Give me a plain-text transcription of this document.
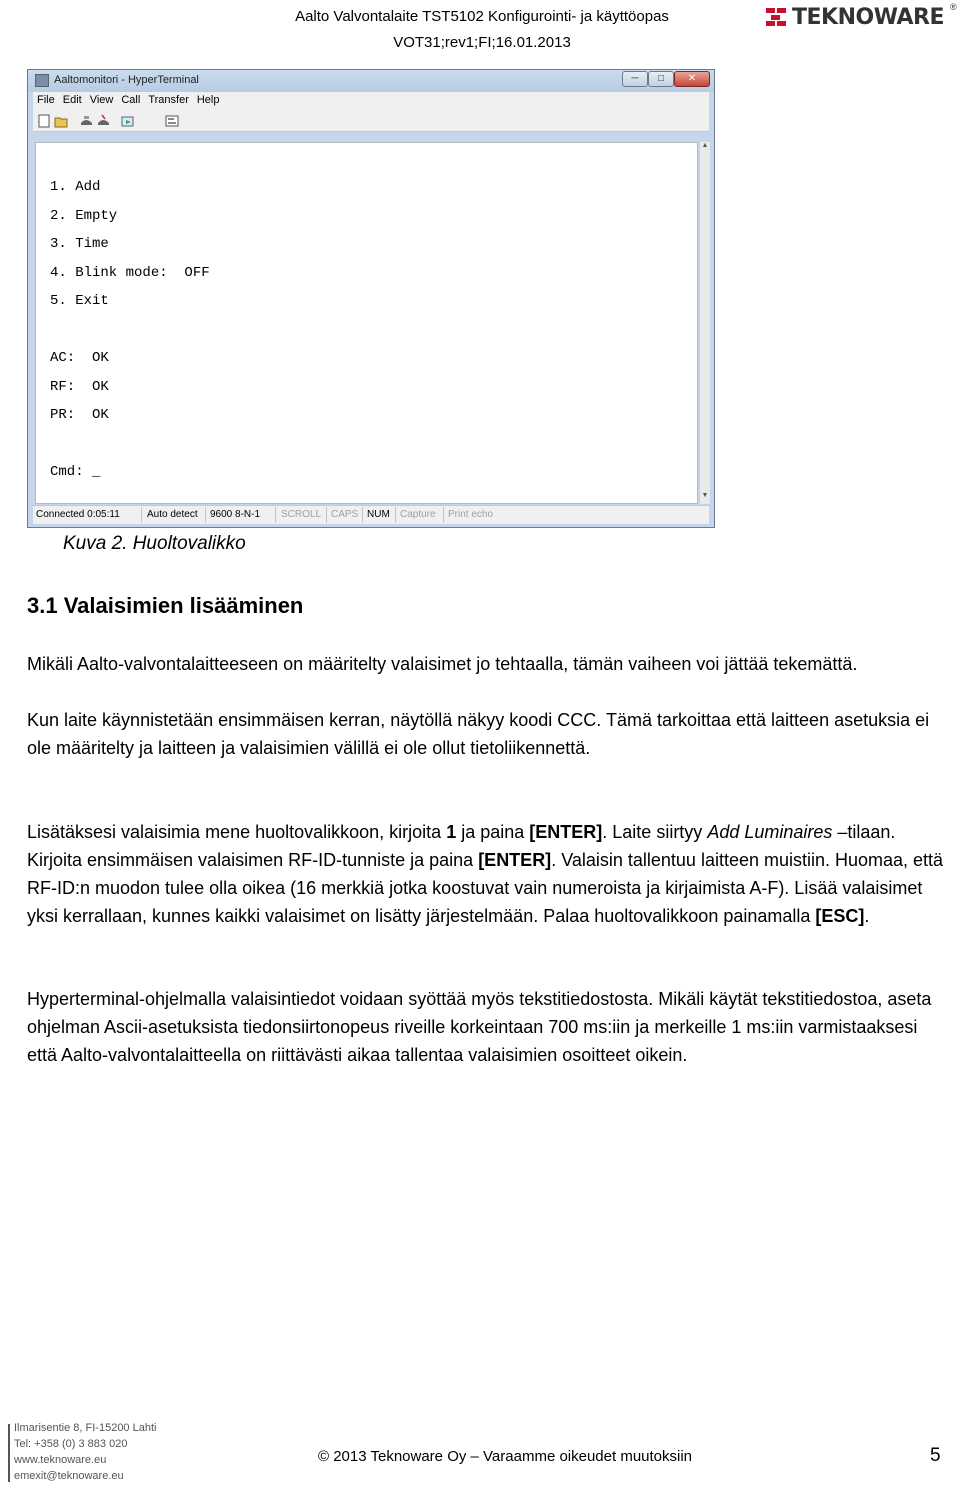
Aalto Valvontalaite TST5102 Konfigurointi- ja käyttöopas
VOT31;rev1;FI;16.01.2013
TEKNOWARE ®
Aaltomonitori - HyperTerminal	─	□	✕
File Edit View Call Transfer Help
1. Add
2. Empty
3. Time
4. Blink mode:  OFF
5. Exit

AC:  OK
RF:  OK
PR:  OK

Cmd: _
▲
▼
Connected 0:05:11	Auto detect 9600 8-N-1 SCROLL CAPS NUM Capture Print echo
Kuva 2. Huoltovalikko
3.1 Valaisimien lisääminen

Mikäli Aalto-valvontalaitteeseen on määritelty valaisimet jo tehtaalla, tämän vaiheen voi jättää tekemättä.

Kun laite käynnistetään ensimmäisen kerran, näytöllä näkyy koodi CCC. Tämä tarkoittaa että laitteen asetuksia ei ole määritelty ja laitteen ja valaisimien välillä ei ole ollut tietoliikennettä.

Lisätäksesi valaisimia mene huoltovalikkoon, kirjoita 1 ja paina [ENTER]. Laite siirtyy Add Luminaires –tilaan. Kirjoita ensimmäisen valaisimen RF-ID-tunniste ja paina [ENTER]. Valaisin tallentuu laitteen muistiin. Huomaa, että RF-ID:n muodon tulee olla oikea (16 merkkiä jotka koostuvat vain numeroista ja kirjaimista A-F). Lisää valaisimet yksi kerrallaan, kunnes kaikki valaisimet on lisätty järjestelmään. Palaa huoltovalikkoon painamalla [ESC].

Hyperterminal-ohjelmalla valaisintiedot voidaan syöttää myös tekstitiedostosta. Mikäli käytät tekstitiedostoa, aseta ohjelman Ascii-asetuksista tiedonsiirtonopeus riveille korkeintaan 700 ms:iin ja merkeille 1 ms:iin varmistaaksesi että Aalto-valvontalaitteella on riittävästi aikaa tallentaa valaisimien osoitteet oikein.

Ilmarisentie 8, FI-15200 Lahti
Tel: +358 (0) 3 883 020
www.teknoware.eu
emexit@teknoware.eu
© 2013 Teknoware Oy – Varaamme oikeudet muutoksiin	5
